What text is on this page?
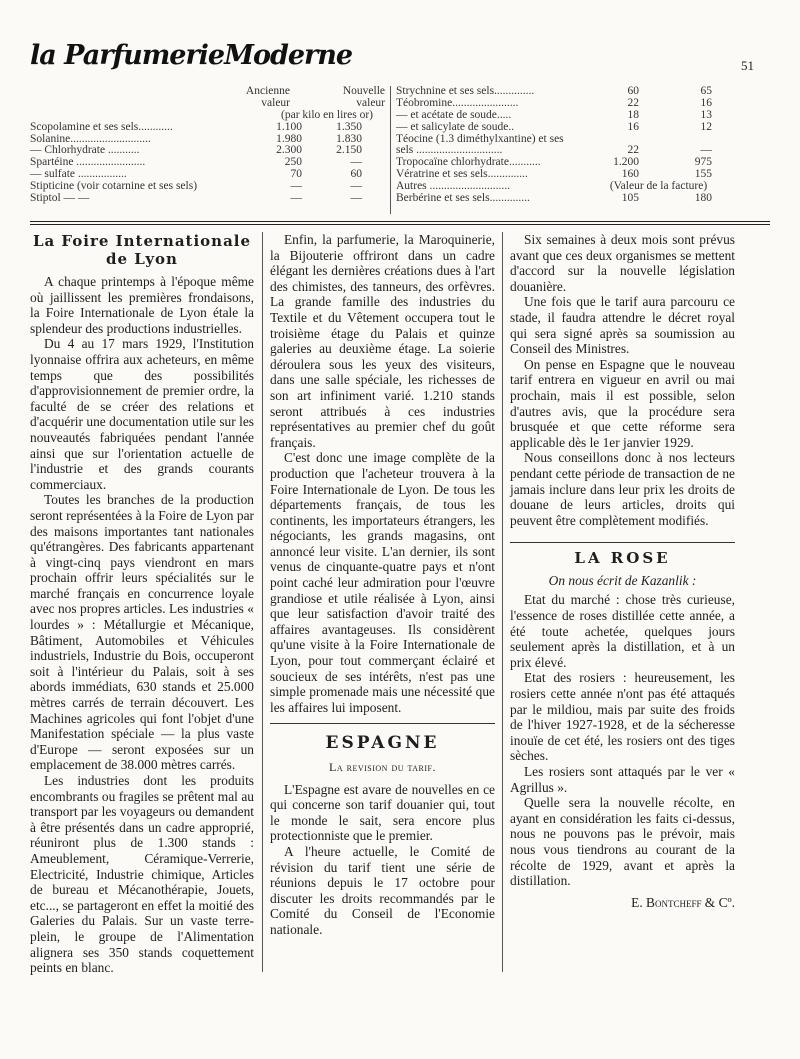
la ParfumerieModerne	51
Ancienne	Nouvelle
valeur	valeur
(par kilo en lires or)
Scopolamine et ses sels............	1.100	1.350
Solanine............................	1.980	1.830
— Chlorhydrate ...........	2.300	2.150
Spartéine ........................	250	—
— sulfate .................	70	60
Stipticine (voir cotarnine et ses sels)	—	—
Stiptol — —	—	—
Strychnine et ses sels..............	60	65
Téobromine.......................	22	16
— et acétate de soude.....	18	13
— et salicylate de soude..	16	12
Téocine (1.3 diméthylxantine) et ses
sels ..............................	22	—
Tropocaïne chlorhydrate...........	1.200	975
Vératrine et ses sels..............	160	155
Autres ............................	(Valeur de la facture)
Berbérine et ses sels..............	105	180
La Foire Internationale
de Lyon

A chaque printemps à l'époque même où jaillissent les premières frondaisons, la Foire Internationale de Lyon étale la splendeur des productions industrielles.

Du 4 au 17 mars 1929, l'Institution lyonnaise offrira aux acheteurs, en même temps que des possibilités d'approvisionnement de premier ordre, la faculté de se créer des relations et d'acquérir une documentation utile sur les nouveautés fabriquées pendant l'année ainsi que sur l'orientation actuelle de l'industrie et des grands courants commerciaux.

Toutes les branches de la production seront représentées à la Foire de Lyon par des maisons importantes tant nationales qu'étrangères. Des fabricants appartenant à vingt-cinq pays viendront en mars prochain offrir leurs spécialités sur le marché français en concurrence loyale avec nos propres articles. Les industries « lourdes » : Métallurgie et Mécanique, Bâtiment, Automobiles et Véhicules industriels, Industrie du Bois, occuperont soit à l'intérieur du Palais, soit à ses abords immédiats, 630 stands et 25.000 mètres carrés de terrain découvert. Les Machines agricoles qui font l'objet d'une Manifestation spéciale — la plus vaste d'Europe — seront exposées sur un emplacement de 38.000 mètres carrés.

Les industries dont les produits encombrants ou fragiles se prêtent mal au transport par les voyageurs ou demandent à être présentés dans un cadre approprié, réuniront plus de 1.300 stands : Ameublement, Céramique-Verrerie, Electricité, Industrie chimique, Articles de bureau et Mécanothérapie, Jouets, etc..., se partageront en effet la moitié des Galeries du Palais. Sur un vaste terre-plein, le groupe de l'Alimentation alignera ses 350 stands coquettement peints en blanc.

Enfin, la parfumerie, la Maroquinerie, la Bijouterie offriront dans un cadre élégant les dernières créations dues à l'art des chimistes, des tanneurs, des orfèvres. La grande famille des industries du Textile et du Vêtement occupera tout le troisième étage du Palais et quinze galeries au deuxième étage. La soierie déroulera sous les yeux des visiteurs, dans une salle spéciale, les richesses de son art infiniment varié. 1.210 stands seront attribués à ces industries représentatives au premier chef du goût français.

C'est donc une image complète de la production que l'acheteur trouvera à la Foire Internationale de Lyon. De tous les départements français, de tous les continents, les importateurs étrangers, les négociants, les grands magasins, ont annoncé leur visite. L'an dernier, ils sont venus de cinquante-quatre pays et n'ont point caché leur admiration pour l'œuvre grandiose et utile réalisée à Lyon, ainsi que leur satisfaction d'avoir traité des affaires avantageuses. Ils considèrent qu'une visite à la Foire Internationale de Lyon, pour tout commerçant éclairé et soucieux de ses intérêts, n'est pas une simple promenade mais une nécessité que les affaires lui imposent.

ESPAGNE

La revision du tarif.

L'Espagne est avare de nouvelles en ce qui concerne son tarif douanier qui, tout le monde le sait, sera encore plus protectionniste que le premier.

A l'heure actuelle, le Comité de révision du tarif tient une série de réunions depuis le 17 octobre pour discuter les droits recommandés par le Comité du Conseil de l'Economie nationale.

Six semaines à deux mois sont prévus avant que ces deux organismes se mettent d'accord sur la nouvelle législation douanière.

Une fois que le tarif aura parcouru ce stade, il faudra attendre le décret royal qui sera signé après sa soumission au Conseil des Ministres.

On pense en Espagne que le nouveau tarif entrera en vigueur en avril ou mai prochain, mais il est possible, selon d'autres avis, que la procédure sera brusquée et que cette réforme sera applicable dès le 1er janvier 1929.

Nous conseillons donc à nos lecteurs pendant cette période de transaction de ne jamais inclure dans leur prix les droits de douane de leurs articles, droits qui peuvent être complètement modifiés.

LA ROSE

On nous écrit de Kazanlik :

Etat du marché : chose très curieuse, l'essence de roses distillée cette année, a été toute achetée, quelques jours seulement après la distillation, et à un prix élevé.

Etat des rosiers : heureusement, les rosiers cette année n'ont pas été attaqués par le mildiou, mais par suite des froids de l'hiver 1927-1928, et de la sécheresse inouïe de cet été, les rosiers ont des tiges sèches.

Les rosiers sont attaqués par le ver « Agrillus ».

Quelle sera la nouvelle récolte, en ayant en considération les faits ci-dessus, nous ne pouvons pas le prévoir, mais nous vous tiendrons au courant de la récolte de 1929, avant et après la distillation.

E. Bontcheff & Cº.
